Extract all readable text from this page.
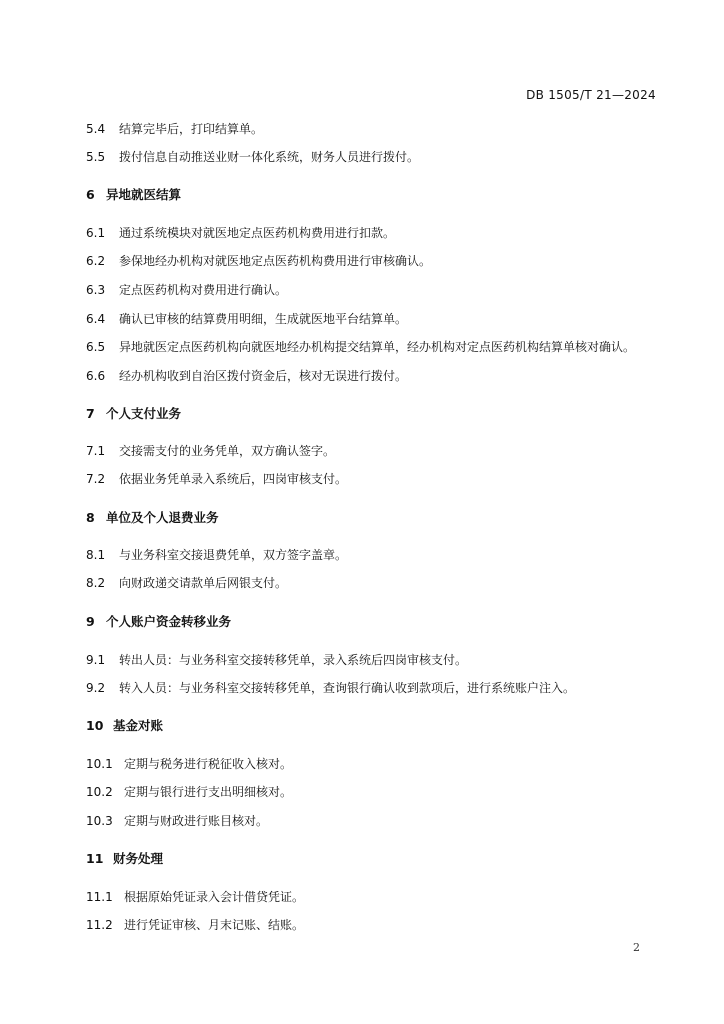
DB 1505/T 21—2024
5.4 结算完毕后，打印结算单。
5.5 拨付信息自动推送业财一体化系统，财务人员进行拨付。
6 异地就医结算
6.1 通过系统模块对就医地定点医药机构费用进行扣款。
6.2 参保地经办机构对就医地定点医药机构费用进行审核确认。
6.3 定点医药机构对费用进行确认。
6.4 确认已审核的结算费用明细，生成就医地平台结算单。
6.5 异地就医定点医药机构向就医地经办机构提交结算单，经办机构对定点医药机构结算单核对确认。
6.6 经办机构收到自治区拨付资金后，核对无误进行拨付。
7 个人支付业务
7.1 交接需支付的业务凭单，双方确认签字。
7.2 依据业务凭单录入系统后，四岗审核支付。
8 单位及个人退费业务
8.1 与业务科室交接退费凭单，双方签字盖章。
8.2 向财政递交请款单后网银支付。
9 个人账户资金转移业务
9.1 转出人员：与业务科室交接转移凭单，录入系统后四岗审核支付。
9.2 转入人员：与业务科室交接转移凭单，查询银行确认收到款项后，进行系统账户注入。
10 基金对账
10.1 定期与税务进行税征收入核对。
10.2 定期与银行进行支出明细核对。
10.3 定期与财政进行账目核对。
11 财务处理
11.1 根据原始凭证录入会计借贷凭证。
11.2 进行凭证审核、月末记账、结账。
2
